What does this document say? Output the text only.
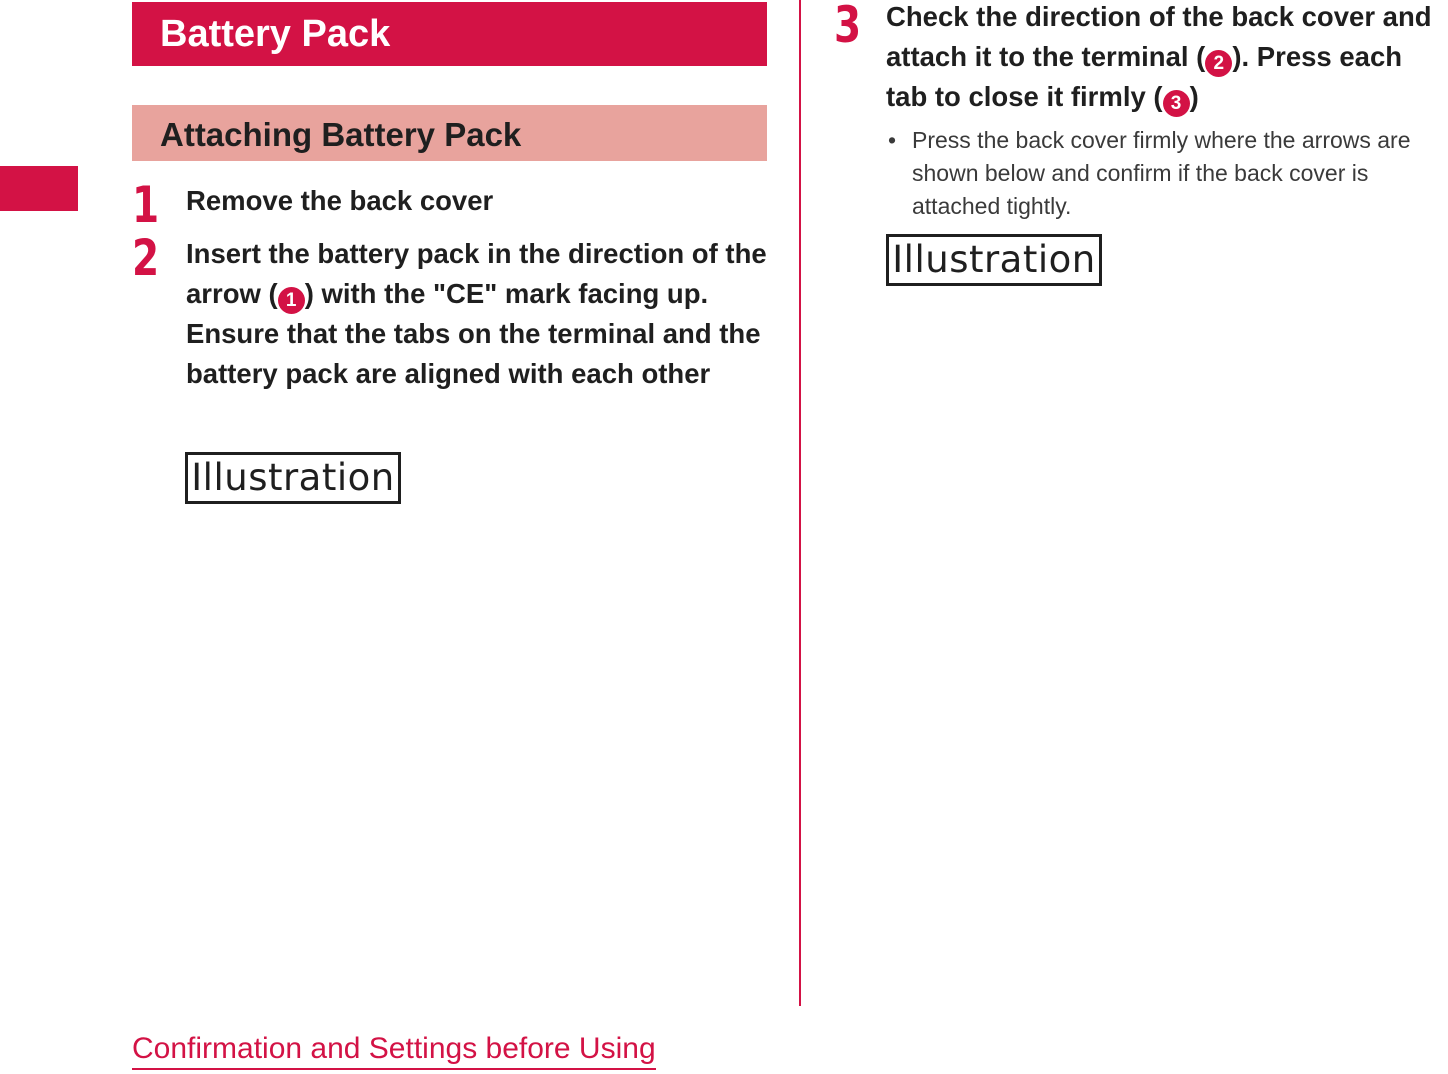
Battery Pack
Attaching Battery Pack
1 Remove the back cover
2 Insert the battery pack in the direction of the arrow ( 1 ) with the "CE" mark facing up. Ensure that the tabs on the terminal and the battery pack are aligned with each other
Illustration
3 Check the direction of the back cover and attach it to the terminal ( 2 ). Press each tab to close it firmly ( 3 )
• Press the back cover firmly where the arrows are shown below and confirm if the back cover is attached tightly.
Illustration
Confirmation and Settings before Using
